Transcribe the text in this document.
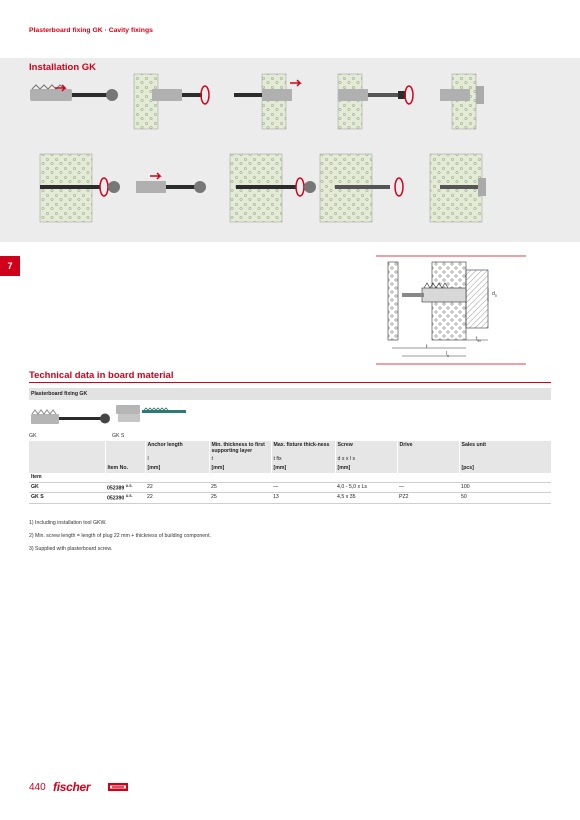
Plasterboard fixing GK · Cavity fixings
Installation GK
7
$d_0$
$t_{fix}$
t
$l_s$
Technical data in board material
Plasterboard fixing GK
GK	GK S
		Anchor length	Min. thickness to first supporting layer	Max. fixture thick-ness	Screw	Drive	Sales unit
		l	t	t fix	d s x l s		
	Item No.	[mm]	[mm]	[mm]	[mm]		[pcs]
Item							
GK	052389 $^{U.S.}$	22	25	—	4,0 - 5,0 x Ls	—	100
GK S	052390 $^{U.S.}$	22	25	13	4,5 x 35	PZ2	50
1) Including installation tool GKW.
2) Min. screw length = length of plug 22 mm + thickness of building component.
3) Supplied with plasterboard screw.
440 fischer
